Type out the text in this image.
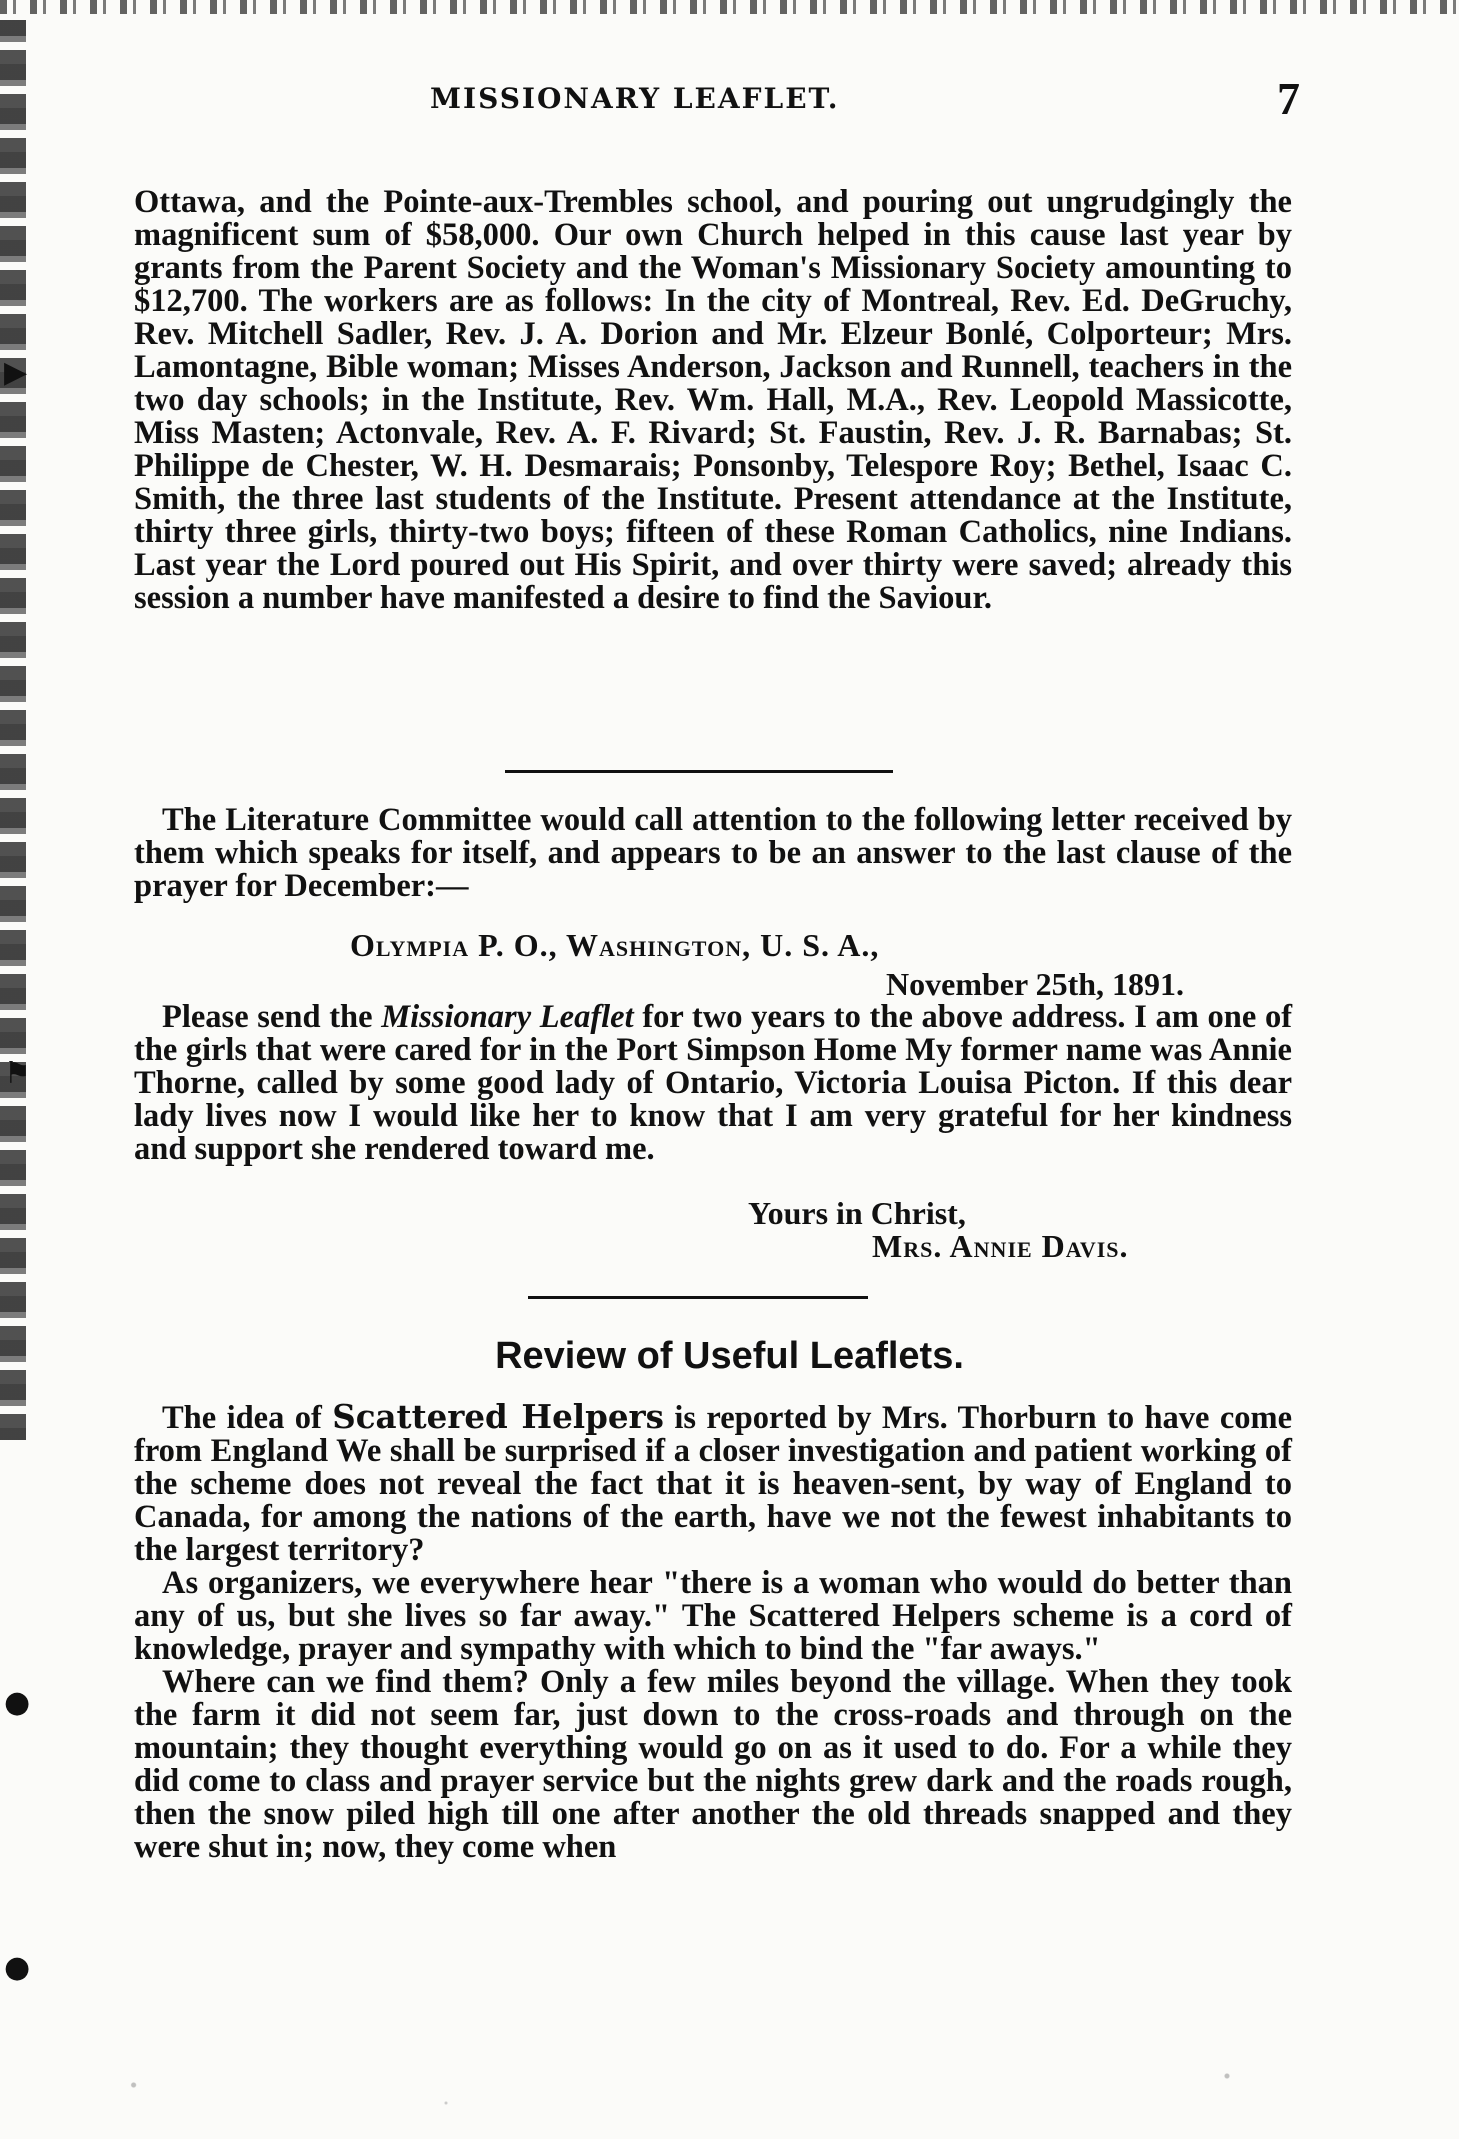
▶
⚑
●
●
MISSIONARY LEAFLET.	7

Ottawa, and the Pointe-aux-Trembles school, and pouring out ungrudgingly the magnificent sum of $58,000. Our own Church helped in this cause last year by grants from the Parent Society and the Woman's Missionary Society amounting to $12,700. The workers are as follows: In the city of Montreal, Rev. Ed. DeGruchy, Rev. Mitchell Sadler, Rev. J. A. Dorion and Mr. Elzeur Bonlé, Colporteur; Mrs. Lamontagne, Bible woman; Misses Anderson, Jackson and Runnell, teachers in the two day schools; in the Institute, Rev. Wm. Hall, M.A., Rev. Leopold Massicotte, Miss Masten; Actonvale, Rev. A. F. Rivard; St. Faustin, Rev. J. R. Barnabas; St. Philippe de Chester, W. H. Desmarais; Ponsonby, Telespore Roy; Bethel, Isaac C. Smith, the three last students of the Institute. Present attendance at the Institute, thirty three girls, thirty-two boys; fifteen of these Roman Catholics, nine Indians. Last year the Lord poured out His Spirit, and over thirty were saved; already this session a number have manifested a desire to find the Saviour.

The Literature Committee would call attention to the following letter received by them which speaks for itself, and appears to be an answer to the last clause of the prayer for December:—

Olympia P. O., Washington, U. S. A.,
November 25th, 1891.

Please send the Missionary Leaflet for two years to the above address. I am one of the girls that were cared for in the Port Simpson Home My former name was Annie Thorne, called by some good lady of Ontario, Victoria Louisa Picton. If this dear lady lives now I would like her to know that I am very grateful for her kindness and support she rendered toward me.

Yours in Christ,
Mrs. Annie Davis.
Review of Useful Leaflets.

The idea of Scattered Helpers is reported by Mrs. Thorburn to have come from England We shall be surprised if a closer investigation and patient working of the scheme does not reveal the fact that it is heaven-sent, by way of England to Canada, for among the nations of the earth, have we not the fewest inhabitants to the largest territory?

As organizers, we everywhere hear "there is a woman who would do better than any of us, but she lives so far away." The Scattered Helpers scheme is a cord of knowledge, prayer and sympathy with which to bind the "far aways."

Where can we find them? Only a few miles beyond the village. When they took the farm it did not seem far, just down to the cross-roads and through on the mountain; they thought everything would go on as it used to do. For a while they did come to class and prayer service but the nights grew dark and the roads rough, then the snow piled high till one after another the old threads snapped and they were shut in; now, they come when
